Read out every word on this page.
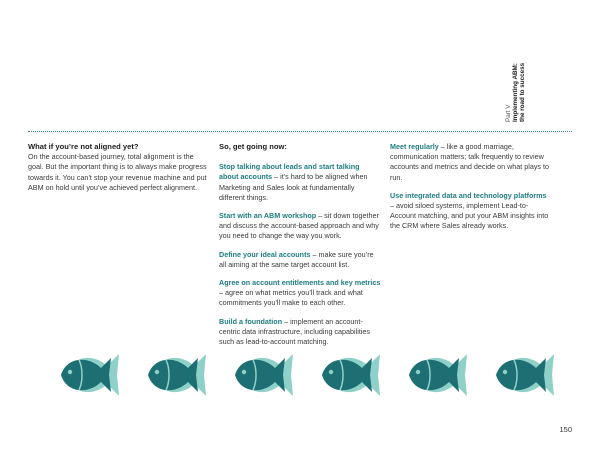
Part V Implementing ABM: the road to success
What if you’re not aligned yet?

On the account-based journey, total alignment is the goal. But the important thing is to always make progress towards it. You can’t stop your revenue machine and put ABM on hold until you’ve achieved perfect alignment.

So, get going now:

Stop talking about leads and start talking about accounts – it’s hard to be aligned when Marketing and Sales look at fundamentally different things.

Start with an ABM workshop – sit down together and discuss the account-based approach and why you need to change the way you work.

Define your ideal accounts – make sure you’re all aiming at the same target account list.

Agree on account entitlements and key metrics – agree on what metrics you’ll track and what commitments you’ll make to each other.

Build a foundation – implement an account-centric data infrastructure, including capabilities such as lead-to-account matching.

Meet regularly – like a good marriage, communication matters; talk frequently to review accounts and metrics and decide on what plays to run.

Use integrated data and technology platforms – avoid siloed systems, implement Lead-to-Account matching, and put your ABM insights into the CRM where Sales already works.

150
